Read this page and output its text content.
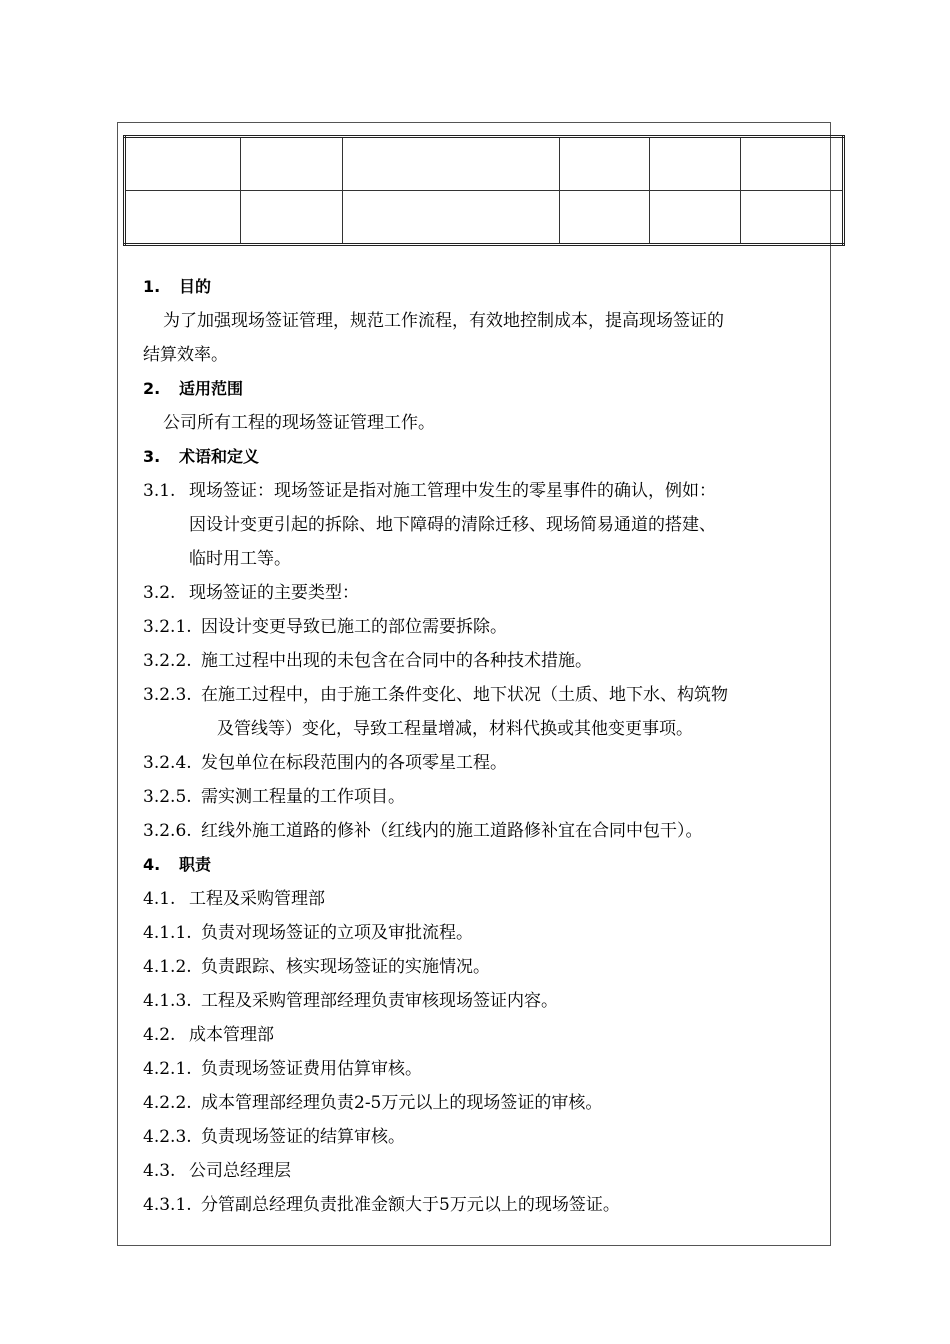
1. 目的
为了加强现场签证管理，规范工作流程，有效地控制成本，提高现场签证的
结算效率。
2. 适用范围
公司所有工程的现场签证管理工作。
3. 术语和定义
3.1. 现场签证：现场签证是指对施工管理中发生的零星事件的确认，例如：
因设计变更引起的拆除、地下障碍的清除迁移、现场简易通道的搭建、
临时用工等。
3.2. 现场签证的主要类型：
3.2.1. 因设计变更导致已施工的部位需要拆除。
3.2.2. 施工过程中出现的未包含在合同中的各种技术措施。
3.2.3. 在施工过程中，由于施工条件变化、地下状况（土质、地下水、构筑物
及管线等）变化，导致工程量增减，材料代换或其他变更事项。
3.2.4. 发包单位在标段范围内的各项零星工程。
3.2.5. 需实测工程量的工作项目。
3.2.6. 红线外施工道路的修补（红线内的施工道路修补宜在合同中包干）。
4. 职责
4.1. 工程及采购管理部
4.1.1. 负责对现场签证的立项及审批流程。
4.1.2. 负责跟踪、核实现场签证的实施情况。
4.1.3. 工程及采购管理部经理负责审核现场签证内容。
4.2. 成本管理部
4.2.1. 负责现场签证费用估算审核。
4.2.2. 成本管理部经理负责2-5万元以上的现场签证的审核。
4.2.3. 负责现场签证的结算审核。
4.3. 公司总经理层
4.3.1. 分管副总经理负责批准金额大于5万元以上的现场签证。
